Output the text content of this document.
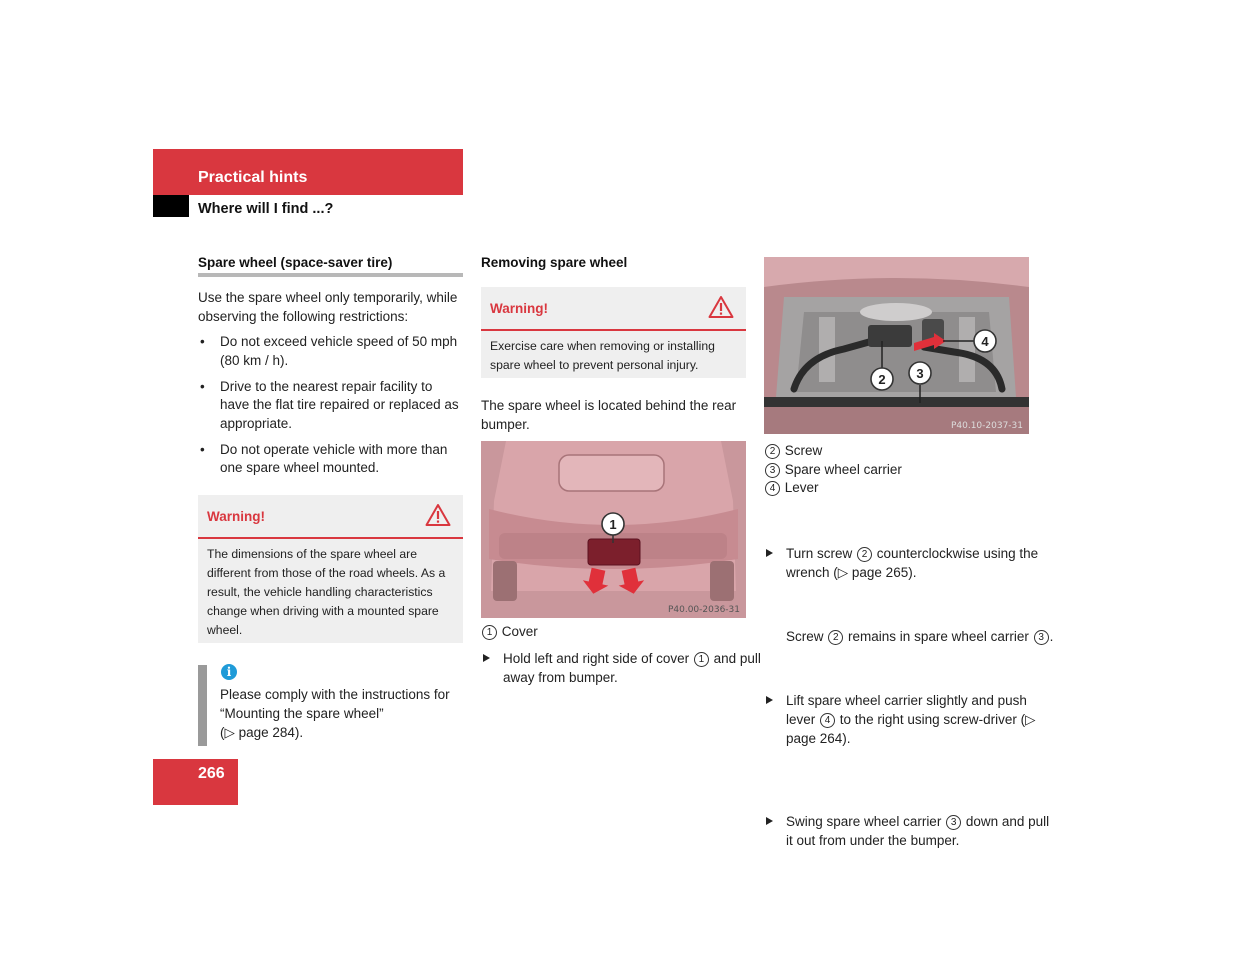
Practical hints
Where will I find ...?
Spare wheel (space-saver tire)

Use the spare wheel only temporarily, while observing the following restrictions:

• Do not exceed vehicle speed of 50 mph (80 km / h).
• Drive to the nearest repair facility to have the flat tire repaired or replaced as appropriate.
• Do not operate vehicle with more than one spare wheel mounted.
Warning!
The dimensions of the spare wheel are different from those of the road wheels. As a result, the vehicle handling characteristics change when driving with a mounted spare wheel.
i

Please comply with the instructions for “Mounting the spare wheel”

(▷ page 284).

266
Removing spare wheel
Warning!
Exercise care when removing or installing spare wheel to prevent personal injury.

The spare wheel is located behind the rear bumper.

1
P40.00-2036-31
1 Cover
Hold left and right side of cover 1 and pull away from bumper.
2 3
4
P40.10-2037-31
2 Screw
3 Spare wheel carrier
4 Lever
Turn screw 2 counterclockwise using the wrench (▷ page 265).
Screw 2 remains in spare wheel carrier 3 .
Lift spare wheel carrier slightly and push lever 4 to the right using screw-driver (▷ page 264).
Swing spare wheel carrier 3 down and pull it out from under the bumper.
